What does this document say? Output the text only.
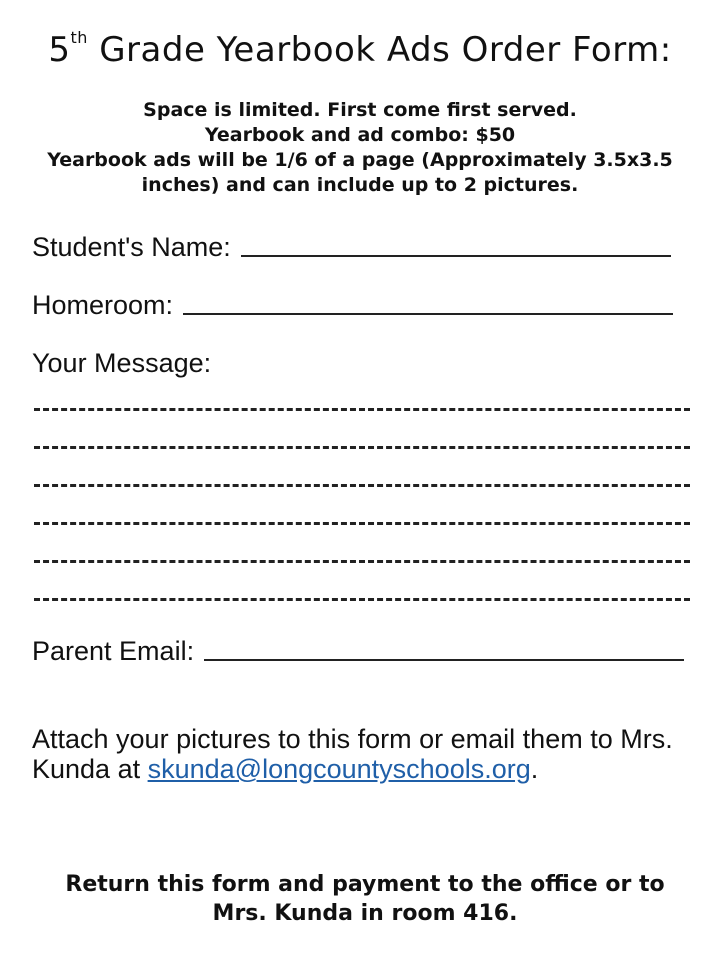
5th Grade Yearbook Ads Order Form:
Space is limited. First come first served.
Yearbook and ad combo: $50
Yearbook ads will be 1/6 of a page (Approximately 3.5x3.5
inches) and can include up to 2 pictures.
Student's Name:
Homeroom:
Your Message:
Parent Email:
Attach your pictures to this form or email them to Mrs. Kunda at skunda@longcountyschools.org.
Return this form and payment to the office or to
Mrs. Kunda in room 416.
